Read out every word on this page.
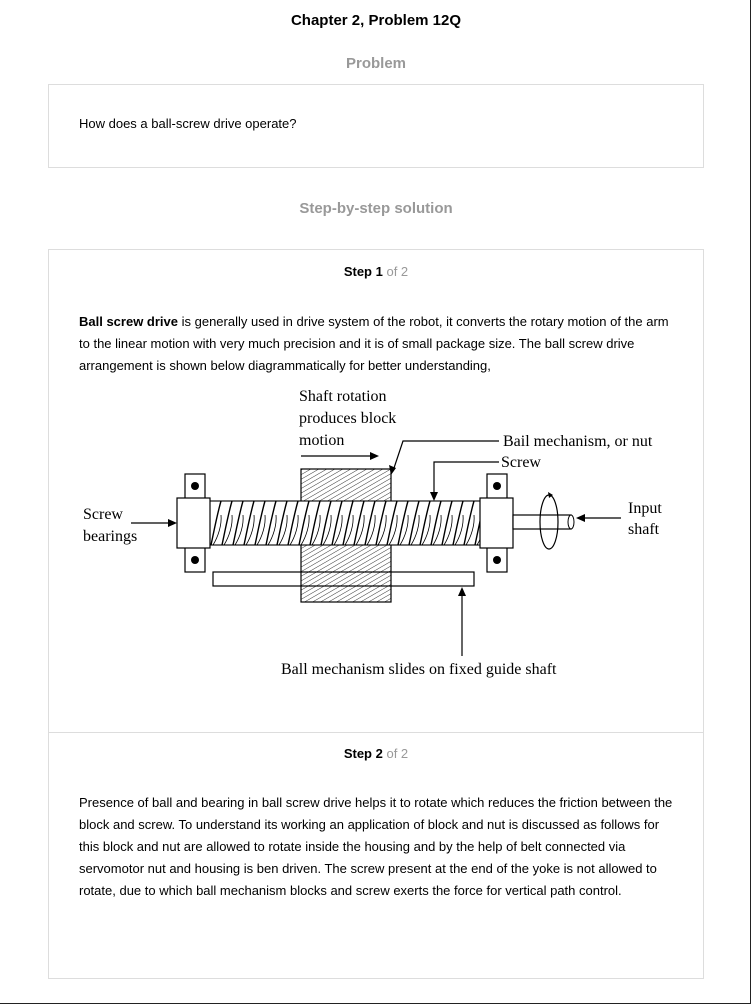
Chapter 2, Problem 12Q
Problem
How does a ball-screw drive operate?
Step-by-step solution
Step 1 of 2
Ball screw drive is generally used in drive system of the robot, it converts the rotary motion of the arm to the linear motion with very much precision and it is of small package size. The ball screw drive arrangement is shown below diagrammatically for better understanding,
Shaft rotation
produces block
motion	Bail mechanism, or nut
Screw
Screw
bearings
Input
shaft
Ball mechanism slides on fixed guide shaft
Step 2 of 2
Presence of ball and bearing in ball screw drive helps it to rotate which reduces the friction between the block and screw. To understand its working an application of block and nut is discussed as follows for this block and nut are allowed to rotate inside the housing and by the help of belt connected via servomotor nut and housing is ben driven. The screw present at the end of the yoke is not allowed to rotate, due to which ball mechanism blocks and screw exerts the force for vertical path control.
